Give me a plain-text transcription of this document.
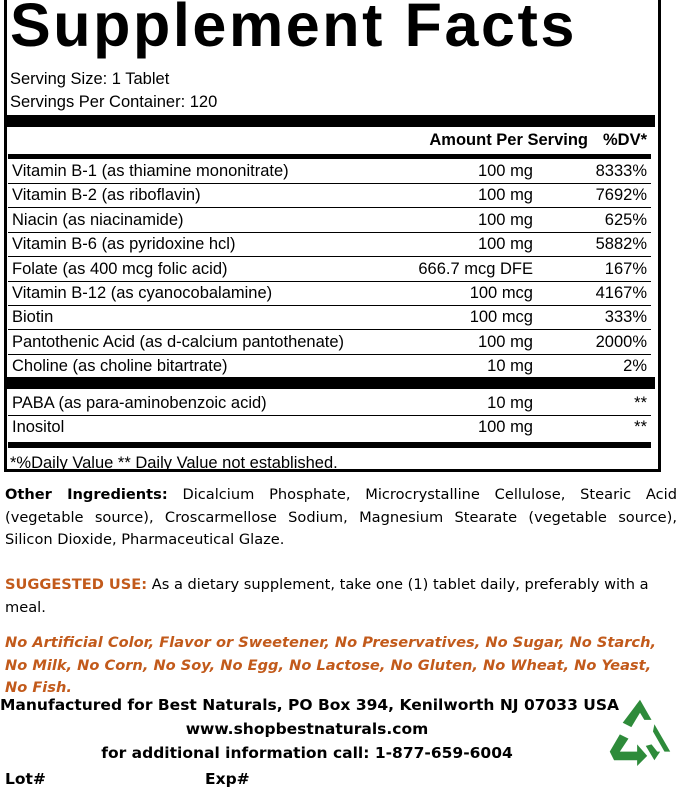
Supplement Facts
Serving Size: 1 Tablet
Servings Per Container: 120
Amount Per Serving %DV*
Vitamin B-1 (as thiamine mononitrate)	100 mg	8333%
Vitamin B-2 (as riboflavin)	100 mg	7692%
Niacin (as niacinamide)	100 mg	625%
Vitamin B-6 (as pyridoxine hcl)	100 mg	5882%
Folate (as 400 mcg folic acid)	666.7 mcg DFE	167%
Vitamin B-12 (as cyanocobalamine)	100 mcg	4167%
Biotin	100 mcg	333%
Pantothenic Acid (as d-calcium pantothenate)	100 mg	2000%
Choline (as choline bitartrate)	10 mg	2%
PABA (as para-aminobenzoic acid)	10 mg	**
Inositol	100 mg	**
*%Daily Value ** Daily Value not established.
Other Ingredients: Dicalcium Phosphate, Microcrystalline Cellulose, Stearic Acid (vegetable source), Croscarmellose Sodium, Magnesium Stearate (vegetable source), Silicon Dioxide, Pharmaceutical Glaze.
SUGGESTED USE: As a dietary supplement, take one (1) tablet daily, preferably with a meal.
No Artificial Color, Flavor or Sweetener, No Preservatives, No Sugar, No Starch, No Milk, No Corn, No Soy, No Egg, No Lactose, No Gluten, No Wheat, No Yeast, No Fish.
Manufactured for Best Naturals, PO Box 394, Kenilworth NJ 07033 USA
www.shopbestnaturals.com
for additional information call: 1-877-659-6004
Lot#	Exp#
